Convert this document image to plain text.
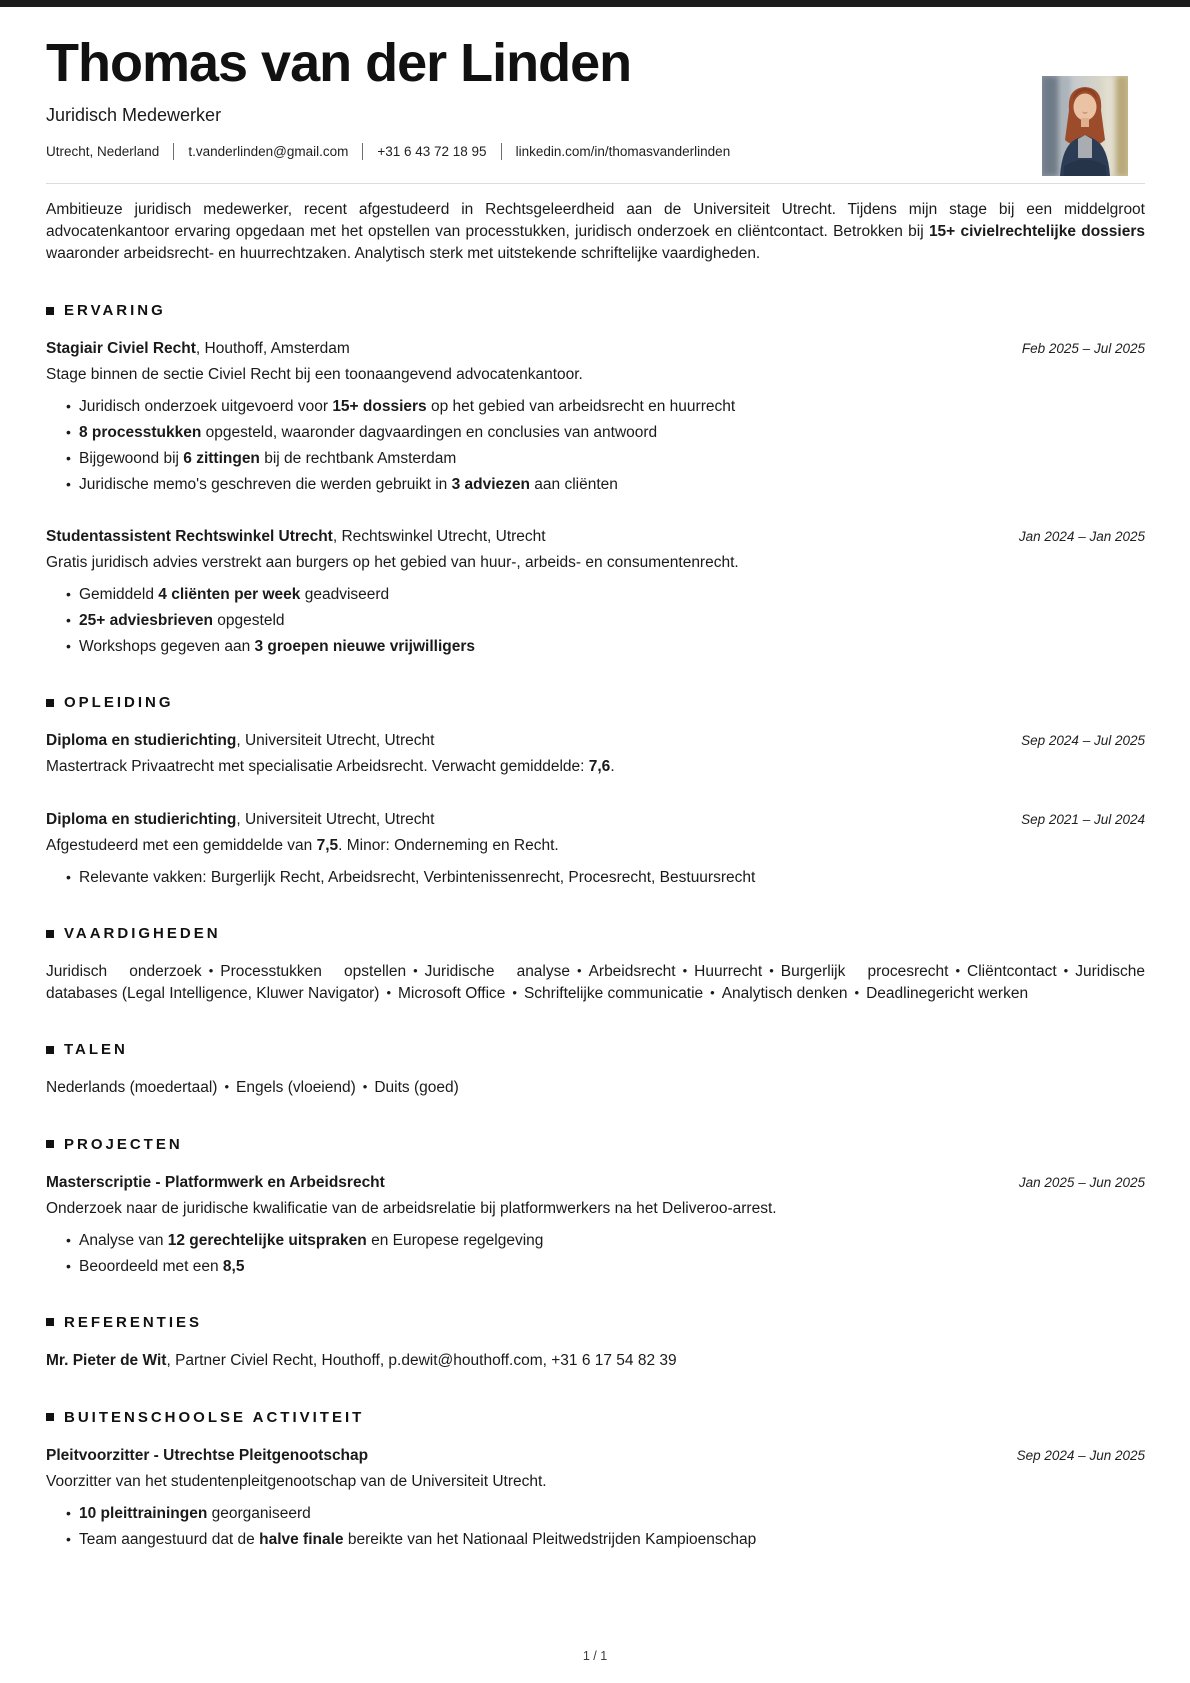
Thomas van der Linden

Juridisch Medewerker

Utrecht, Nederland t.vanderlinden@gmail.com +31 6 43 72 18 95 linkedin.com/in/thomasvanderlinden

Ambitieuze juridisch medewerker, recent afgestudeerd in Rechtsgeleerdheid aan de Universiteit Utrecht. Tijdens mijn stage bij een middelgroot advocatenkantoor ervaring opgedaan met het opstellen van processtukken, juridisch onderzoek en cliëntcontact. Betrokken bij 15+ civielrechtelijke dossiers waaronder arbeidsrecht- en huurrechtzaken. Analytisch sterk met uitstekende schriftelijke vaardigheden.

ERVARING

Stagiair Civiel Recht, Houthoff, Amsterdam	Feb 2025 – Jul 2025

Stage binnen de sectie Civiel Recht bij een toonaangevend advocatenkantoor.

• Juridisch onderzoek uitgevoerd voor 15+ dossiers op het gebied van arbeidsrecht en huurrecht
• 8 processtukken opgesteld, waaronder dagvaardingen en conclusies van antwoord
• Bijgewoond bij 6 zittingen bij de rechtbank Amsterdam
• Juridische memo's geschreven die werden gebruikt in 3 adviezen aan cliënten

Studentassistent Rechtswinkel Utrecht, Rechtswinkel Utrecht, Utrecht	Jan 2024 – Jan 2025

Gratis juridisch advies verstrekt aan burgers op het gebied van huur-, arbeids- en consumentenrecht.

• Gemiddeld 4 cliënten per week geadviseerd
• 25+ adviesbrieven opgesteld
• Workshops gegeven aan 3 groepen nieuwe vrijwilligers
OPLEIDING

Diploma en studierichting, Universiteit Utrecht, Utrecht	Sep 2024 – Jul 2025

Mastertrack Privaatrecht met specialisatie Arbeidsrecht. Verwacht gemiddelde: 7,6.

Diploma en studierichting, Universiteit Utrecht, Utrecht	Sep 2021 – Jul 2024

Afgestudeerd met een gemiddelde van 7,5. Minor: Onderneming en Recht.

• Relevante vakken: Burgerlijk Recht, Arbeidsrecht, Verbintenissenrecht, Procesrecht, Bestuursrecht
VAARDIGHEDEN

Juridisch onderzoek • Processtukken opstellen • Juridische analyse • Arbeidsrecht • Huurrecht • Burgerlijk procesrecht • Cliëntcontact • Juridische databases (Legal Intelligence, Kluwer Navigator) • Microsoft Office • Schriftelijke communicatie • Analytisch denken • Deadlinegericht werken

TALEN

Nederlands (moedertaal) • Engels (vloeiend) • Duits (goed)

PROJECTEN

Masterscriptie - Platformwerk en Arbeidsrecht	Jan 2025 – Jun 2025

Onderzoek naar de juridische kwalificatie van de arbeidsrelatie bij platformwerkers na het Deliveroo-arrest.

• Analyse van 12 gerechtelijke uitspraken en Europese regelgeving
• Beoordeeld met een 8,5
REFERENTIES

Mr. Pieter de Wit, Partner Civiel Recht, Houthoff, p.dewit@houthoff.com, +31 6 17 54 82 39

BUITENSCHOOLSE ACTIVITEIT

Pleitvoorzitter - Utrechtse Pleitgenootschap	Sep 2024 – Jun 2025

Voorzitter van het studentenpleitgenootschap van de Universiteit Utrecht.

• 10 pleittrainingen georganiseerd
• Team aangestuurd dat de halve finale bereikte van het Nationaal Pleitwedstrijden Kampioenschap
1 / 1
